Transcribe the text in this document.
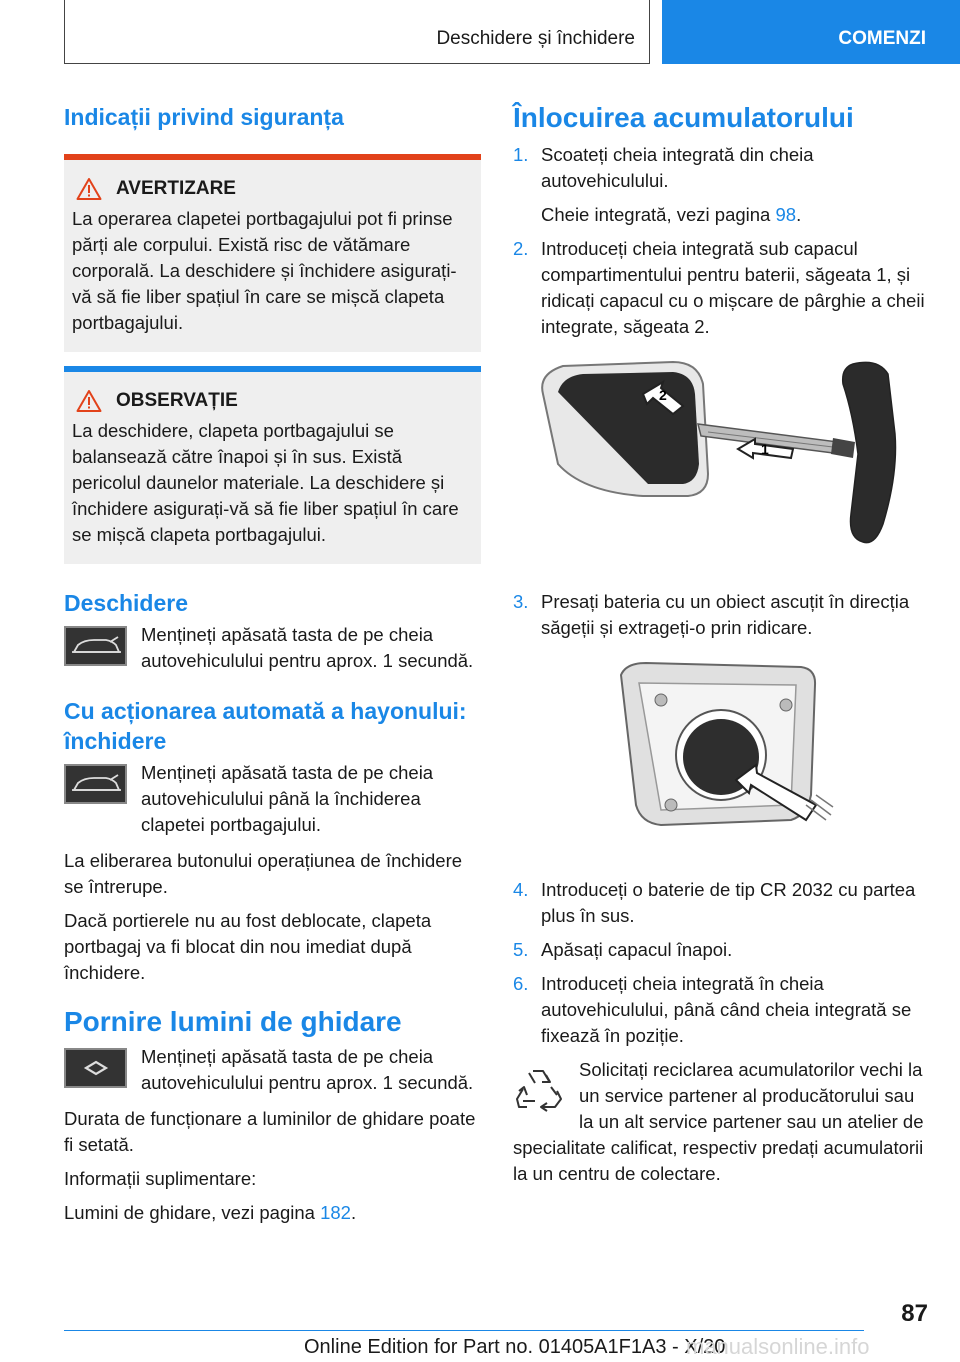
Deschidere și închidere	COMENZI
Indicații privind siguranța
AVERTIZARE

La operarea clapetei portbagajului pot fi prinse părți ale corpului. Există risc de vătămare corporală. La deschidere și închidere asigurați-vă să fie liber spațiul în care se mișcă clapeta portbagajului.

OBSERVAȚIE

La deschidere, clapeta portbagajului se balansează către înapoi și în sus. Există pericolul daunelor materiale. La deschidere și închidere asigurați-vă să fie liber spațiul în care se mișcă clapeta portbagajului.

Deschidere

Mențineți apăsată tasta de pe cheia autovehiculului pentru aprox. 1 secundă.

Cu acționarea automată a hayonului: închidere

Mențineți apăsată tasta de pe cheia autovehiculului până la închiderea clapetei portbagajului.

La eliberarea butonului operațiunea de închidere se întrerupe.

Dacă portierele nu au fost deblocate, clapeta portbagaj va fi blocat din nou imediat după închidere.

Pornire lumini de ghidare

Mențineți apăsată tasta de pe cheia autovehiculului pentru aprox. 1 secundă.

Durata de funcționare a luminilor de ghidare poate fi setată.

Informații suplimentare:

Lumini de ghidare, vezi pagina 182.

Înlocuirea acumulatorului
1. Scoateți cheia integrată din cheia autovehiculului.
Cheie integrată, vezi pagina 98.
2. Introduceți cheia integrată sub capacul compartimentului pentru baterii, săgeata 1, și ridicați capacul cu o mișcare de pârghie a cheii integrate, săgeata 2.
1
2
3. Presați bateria cu un obiect ascuțit în direcția săgeții și extrageți-o prin ridicare.
4. Introduceți o baterie de tip CR 2032 cu partea plus în sus.
5. Apăsați capacul înapoi.
6. Introduceți cheia integrată în cheia autovehiculului, până când cheia integrată se fixează în poziție.

Solicitați reciclarea acumulatorilor vechi la un service partener al producătorului sau la un alt service partener sau un atelier de specialitate calificat, respectiv predați acumulatorii la un centru de colectare.

87
Online Edition for Part no. 01405A1F1A3 - X/20
manualsonline.info
